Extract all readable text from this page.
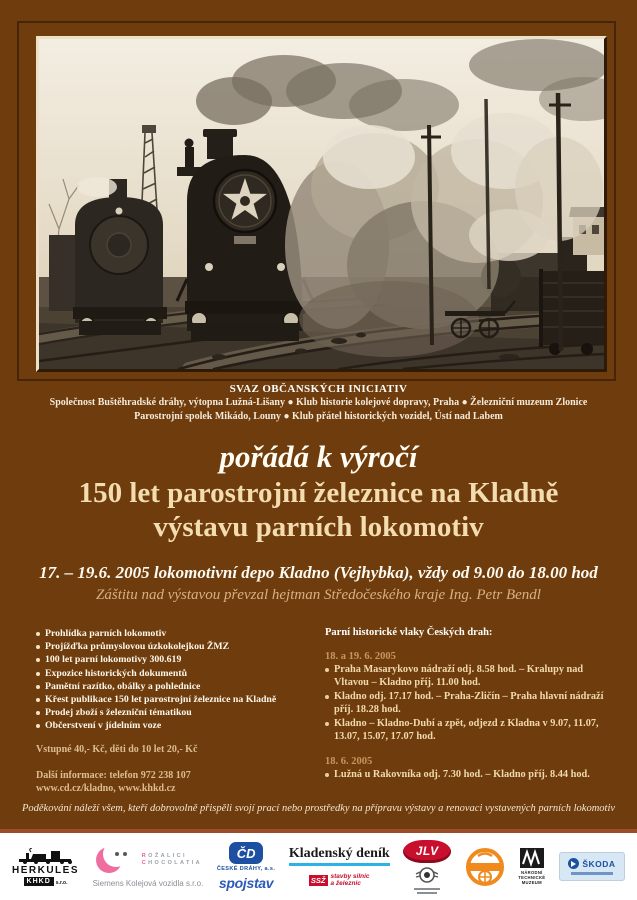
SVAZ OBČANSKÝCH INICIATIV
Společnost Buštěhradské dráhy, výtopna Lužná-Lišany ● Klub historie kolejové dopravy, Praha ● Železniční muzeum Zlonice
Parostrojní spolek Mikádo, Louny ● Klub přátel historických vozidel, Ústí nad Labem
pořádá k výročí
150 let parostrojní železnice na Kladně
výstavu parních lokomotiv
17. – 19.6. 2005 lokomotivní depo Kladno (Vejhybka), vždy od 9.00 do 18.00 hod
Záštitu nad výstavou převzal hejtman Středočeského kraje Ing. Petr Bendl
Prohlídka parních lokomotiv
Projížďka průmyslovou úzkokolejkou ŽMZ
100 let parní lokomotivy 300.619
Expozice historických dokumentů
Pamětní razítko, obálky a pohlednice
Křest publikace 150 let parostrojní železnice na Kladně
Prodej zboží s železniční tématikou
Občerstvení v jídelním voze
Vstupné 40,- Kč, děti do 10 let 20,- Kč
Další informace: telefon 972 238 107
www.cd.cz/kladno, www.khkd.cz
Parní historické vlaky Českých drah:
18. a 19. 6. 2005
Praha Masarykovo nádraží odj. 8.58 hod. – Kralupy nad Vltavou – Kladno příj. 11.00 hod.
Kladno odj. 17.17 hod. – Praha-Zličín – Praha hlavní nádraží příj. 18.28 hod.
Kladno – Kladno-Dubí a zpět, odjezd z Kladna v 9.07, 11.07, 13.07, 15.07, 17.07 hod.
18. 6. 2005
Lužná u Rakovníka odj. 7.30 hod. – Kladno příj. 8.44 hod.
Poděkování náleží všem, kteří dobrovolně přispěli svojí prací nebo prostředky na přípravu výstavy a renovaci vystavených parních lokomotiv
HERKULES
KHKD	s.r.o.
ROŽALICI
CHOCOLATIA
Siemens Kolejová vozidla s.r.o.
ČD
ČESKÉ DRÁHY, a.s.
spojstav
Kladenský deník
SSŽ stavby silnic
a železnic
JLV
NÁRODNÍ
TECHNICKÉ
MUZEUM
ŠKODA
